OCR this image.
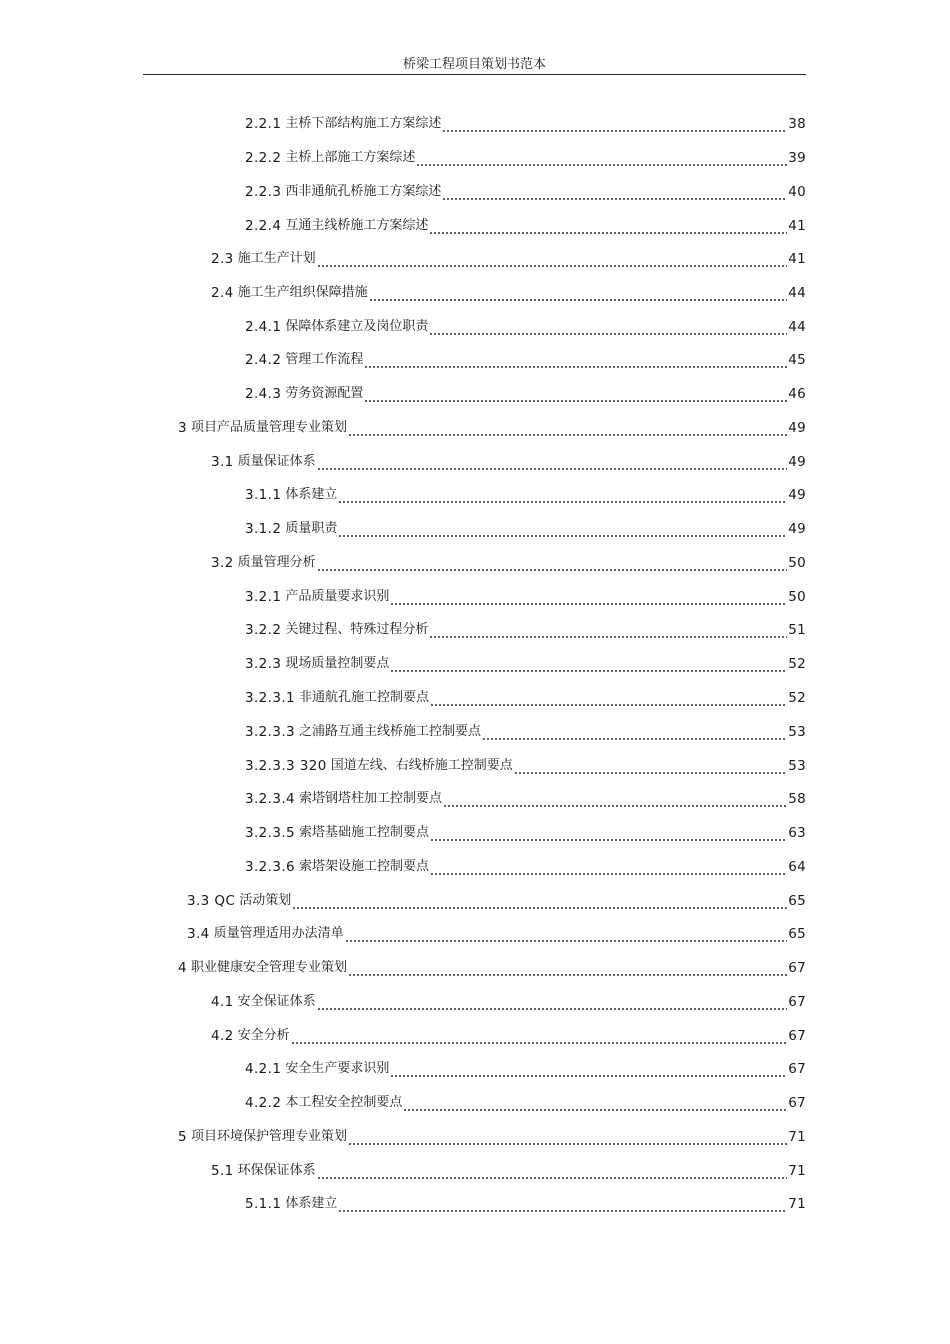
桥梁工程项目策划书范本
2.2.1 主桥下部结构施工方案综述	38
2.2.2 主桥上部施工方案综述	39
2.2.3 西非通航孔桥施工方案综述	40
2.2.4 互通主线桥施工方案综述	41
2.3 施工生产计划	41
2.4 施工生产组织保障措施	44
2.4.1 保障体系建立及岗位职责	44
2.4.2 管理工作流程	45
2.4.3 劳务资源配置	46
3 项目产品质量管理专业策划	49
3.1 质量保证体系	49
3.1.1 体系建立	49
3.1.2 质量职责	49
3.2 质量管理分析	50
3.2.1 产品质量要求识别	50
3.2.2 关键过程、特殊过程分析	51
3.2.3 现场质量控制要点	52
3.2.3.1 非通航孔施工控制要点	52
3.2.3.3 之浦路互通主线桥施工控制要点	53
3.2.3.3 320 国道左线、右线桥施工控制要点	53
3.2.3.4 索塔钢塔柱加工控制要点	58
3.2.3.5 索塔基础施工控制要点	63
3.2.3.6 索塔架设施工控制要点	64
3.3 QC 活动策划	65
3.4 质量管理适用办法清单	65
4 职业健康安全管理专业策划	67
4.1 安全保证体系	67
4.2 安全分析	67
4.2.1 安全生产要求识别	67
4.2.2 本工程安全控制要点	67
5 项目环境保护管理专业策划	71
5.1 环保保证体系	71
5.1.1 体系建立	71
